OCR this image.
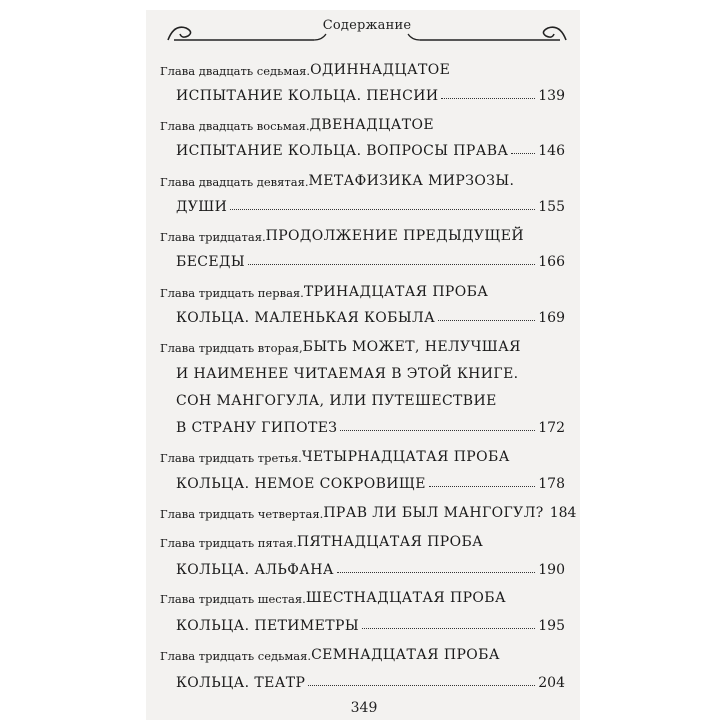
Содержание
Глава двадцать седьмая. ОДИННАДЦАТОЕ
ИСПЫТАНИЕ КОЛЬЦА. ПЕНСИИ	139
Глава двадцать восьмая. ДВЕНАДЦАТОЕ
ИСПЫТАНИЕ КОЛЬЦА. ВОПРОСЫ ПРАВА 146
Глава двадцать девятая. МЕТАФИЗИКА МИРЗОЗЫ.
ДУШИ	155
Глава тридцатая. ПРОДОЛЖЕНИЕ ПРЕДЫДУЩЕЙ
БЕСЕДЫ	166
Глава тридцать первая. ТРИНАДЦАТАЯ ПРОБА
КОЛЬЦА. МАЛЕНЬКАЯ КОБЫЛА	169
Глава тридцать вторая, БЫТЬ МОЖЕТ, НЕЛУЧШАЯ
И НАИМЕНЕЕ ЧИТАЕМАЯ В ЭТОЙ КНИГЕ.
СОН МАНГОГУЛА, ИЛИ ПУТЕШЕСТВИЕ
В СТРАНУ ГИПОТЕЗ	172
Глава тридцать третья. ЧЕТЫРНАДЦАТАЯ ПРОБА
КОЛЬЦА. НЕМОЕ СОКРОВИЩЕ	178
Глава тридцать четвертая. ПРАВ ЛИ БЫЛ МАНГОГУЛ? 184
Глава тридцать пятая. ПЯТНАДЦАТАЯ ПРОБА
КОЛЬЦА. АЛЬФАНА	190
Глава тридцать шестая. ШЕСТНАДЦАТАЯ ПРОБА
КОЛЬЦА. ПЕТИМЕТРЫ	195
Глава тридцать седьмая. СЕМНАДЦАТАЯ ПРОБА
КОЛЬЦА. ТЕАТР	204
349
